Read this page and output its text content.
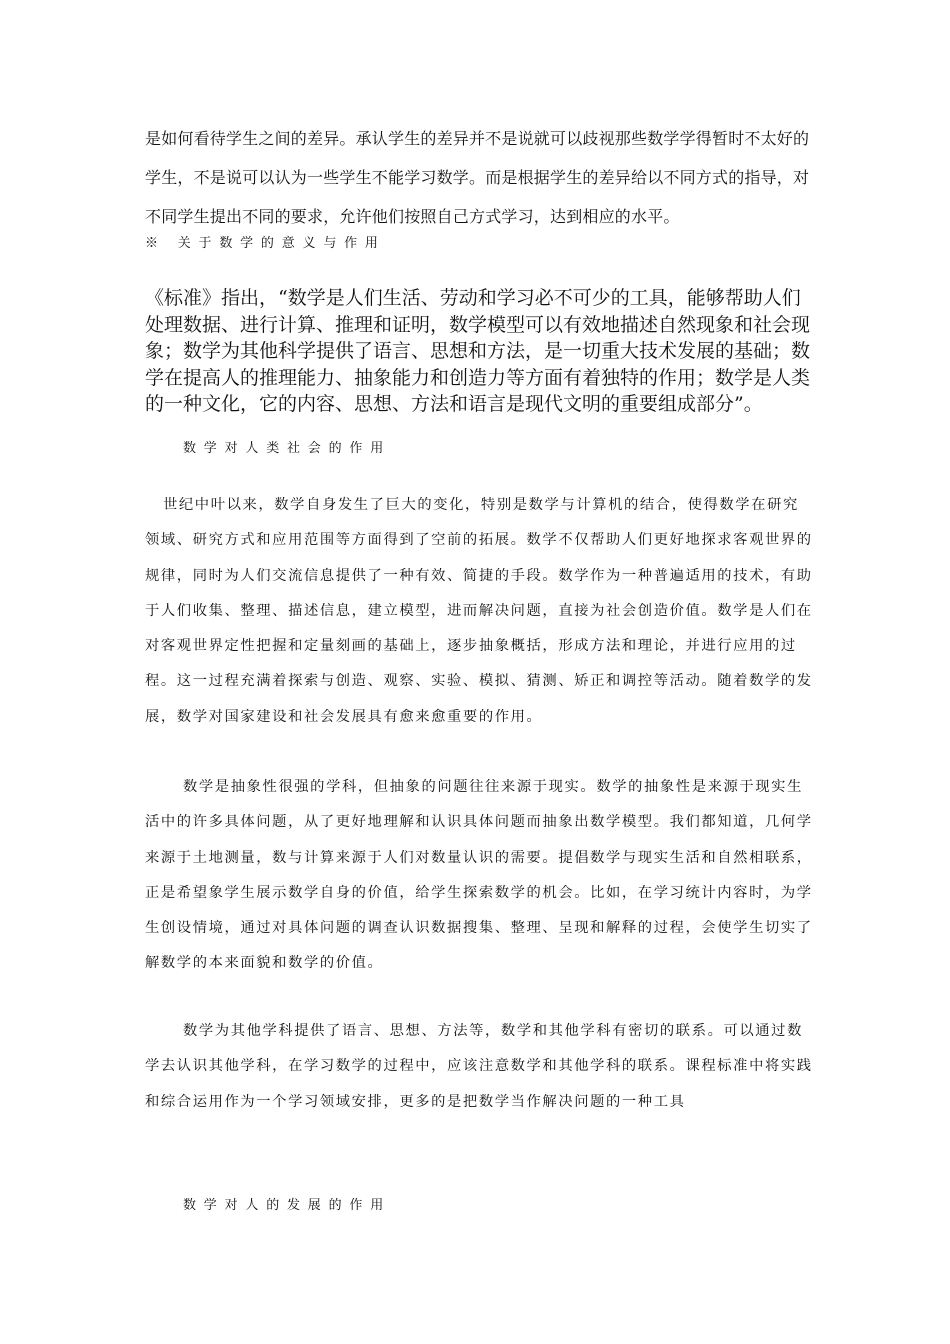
是如何看待学生之间的差异。承认学生的差异并不是说就可以歧视那些数学学得暂时不太好的学生，不是说可以认为一些学生不能学习数学。而是根据学生的差异给以不同方式的指导，对不同学生提出不同的要求，允许他们按照自己方式学习，达到相应的水平。

※ 关于数学的意义与作用

《标准》指出，“数学是人们生活、劳动和学习必不可少的工具，能够帮助人们处理数据、进行计算、推理和证明，数学模型可以有效地描述自然现象和社会现象；数学为其他科学提供了语言、思想和方法，是一切重大技术发展的基础；数学在提高人的推理能力、抽象能力和创造力等方面有着独特的作用；数学是人类的一种文化，它的内容、思想、方法和语言是现代文明的重要组成部分”。

数学对人类社会的作用

世纪中叶以来，数学自身发生了巨大的变化，特别是数学与计算机的结合，使得数学在研究领域、研究方式和应用范围等方面得到了空前的拓展。数学不仅帮助人们更好地探求客观世界的规律，同时为人们交流信息提供了一种有效、简捷的手段。数学作为一种普遍适用的技术，有助于人们收集、整理、描述信息，建立模型，进而解决问题，直接为社会创造价值。数学是人们在对客观世界定性把握和定量刻画的基础上，逐步抽象概括，形成方法和理论，并进行应用的过程。这一过程充满着探索与创造、观察、实验、模拟、猜测、矫正和调控等活动。随着数学的发展，数学对国家建设和社会发展具有愈来愈重要的作用。

数学是抽象性很强的学科，但抽象的问题往往来源于现实。数学的抽象性是来源于现实生活中的许多具体问题，从了更好地理解和认识具体问题而抽象出数学模型。我们都知道，几何学来源于土地测量，数与计算来源于人们对数量认识的需要。提倡数学与现实生活和自然相联系，正是希望象学生展示数学自身的价值，给学生探索数学的机会。比如，在学习统计内容时，为学生创设情境，通过对具体问题的调查认识数据搜集、整理、呈现和解释的过程，会使学生切实了解数学的本来面貌和数学的价值。

数学为其他学科提供了语言、思想、方法等，数学和其他学科有密切的联系。可以通过数学去认识其他学科，在学习数学的过程中，应该注意数学和其他学科的联系。课程标准中将实践和综合运用作为一个学习领域安排，更多的是把数学当作解决问题的一种工具

数学对人的发展的作用
